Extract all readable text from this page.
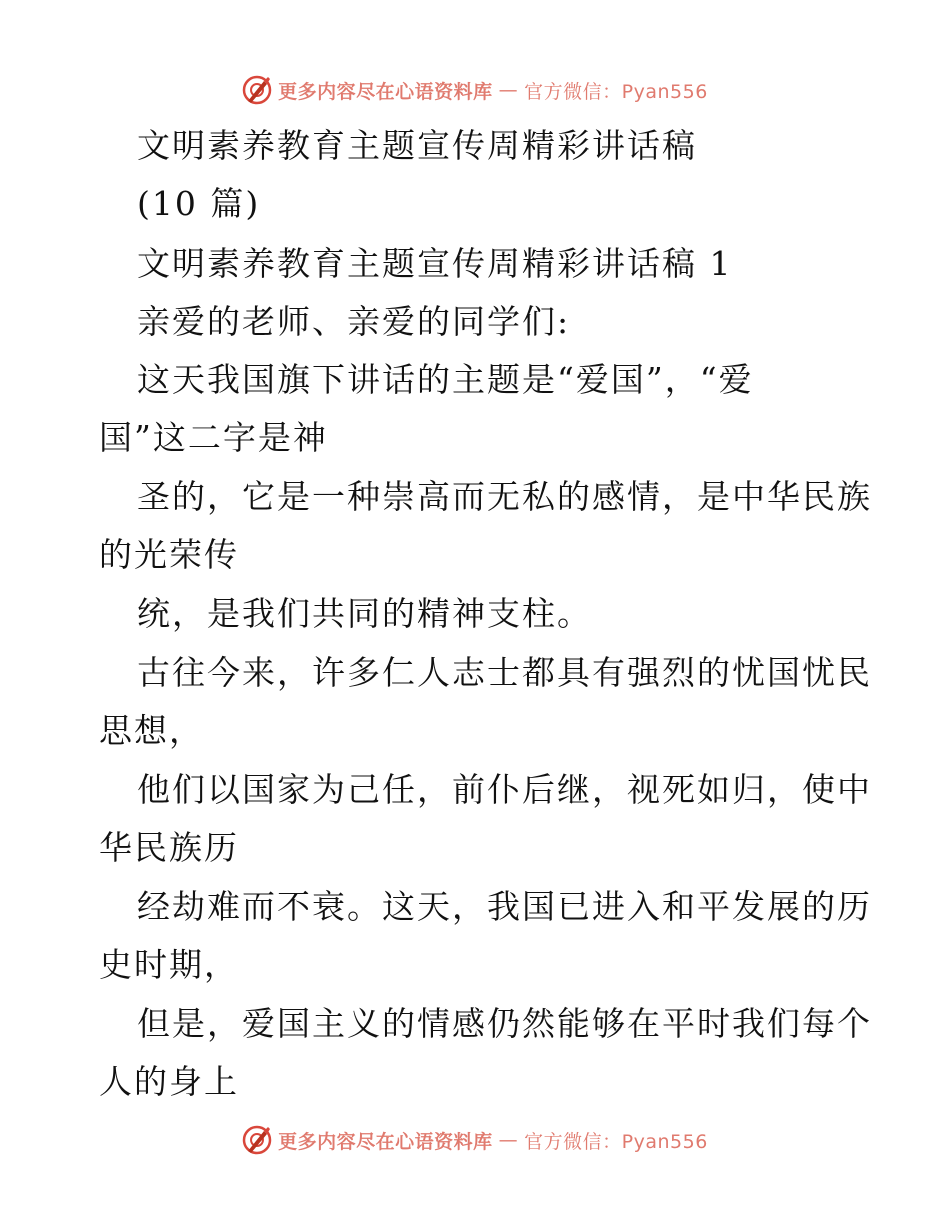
更多内容尽在心语资料库 — 官方微信：Pyan556
文明素养教育主题宣传周精彩讲话稿
(10 篇)
文明素养教育主题宣传周精彩讲话稿 1
亲爱的老师、亲爱的同学们:
这天我国旗下讲话的主题是“爱国”，“爱
国”这二字是神
圣的，它是一种崇高而无私的感情，是中华民族
的光荣传
统，是我们共同的精神支柱。
古往今来，许多仁人志士都具有强烈的忧国忧民
思想，
他们以国家为己任，前仆后继，视死如归，使中
华民族历
经劫难而不衰。这天，我国已进入和平发展的历
史时期，
但是，爱国主义的情感仍然能够在平时我们每个
人的身上
更多内容尽在心语资料库 — 官方微信：Pyan556
